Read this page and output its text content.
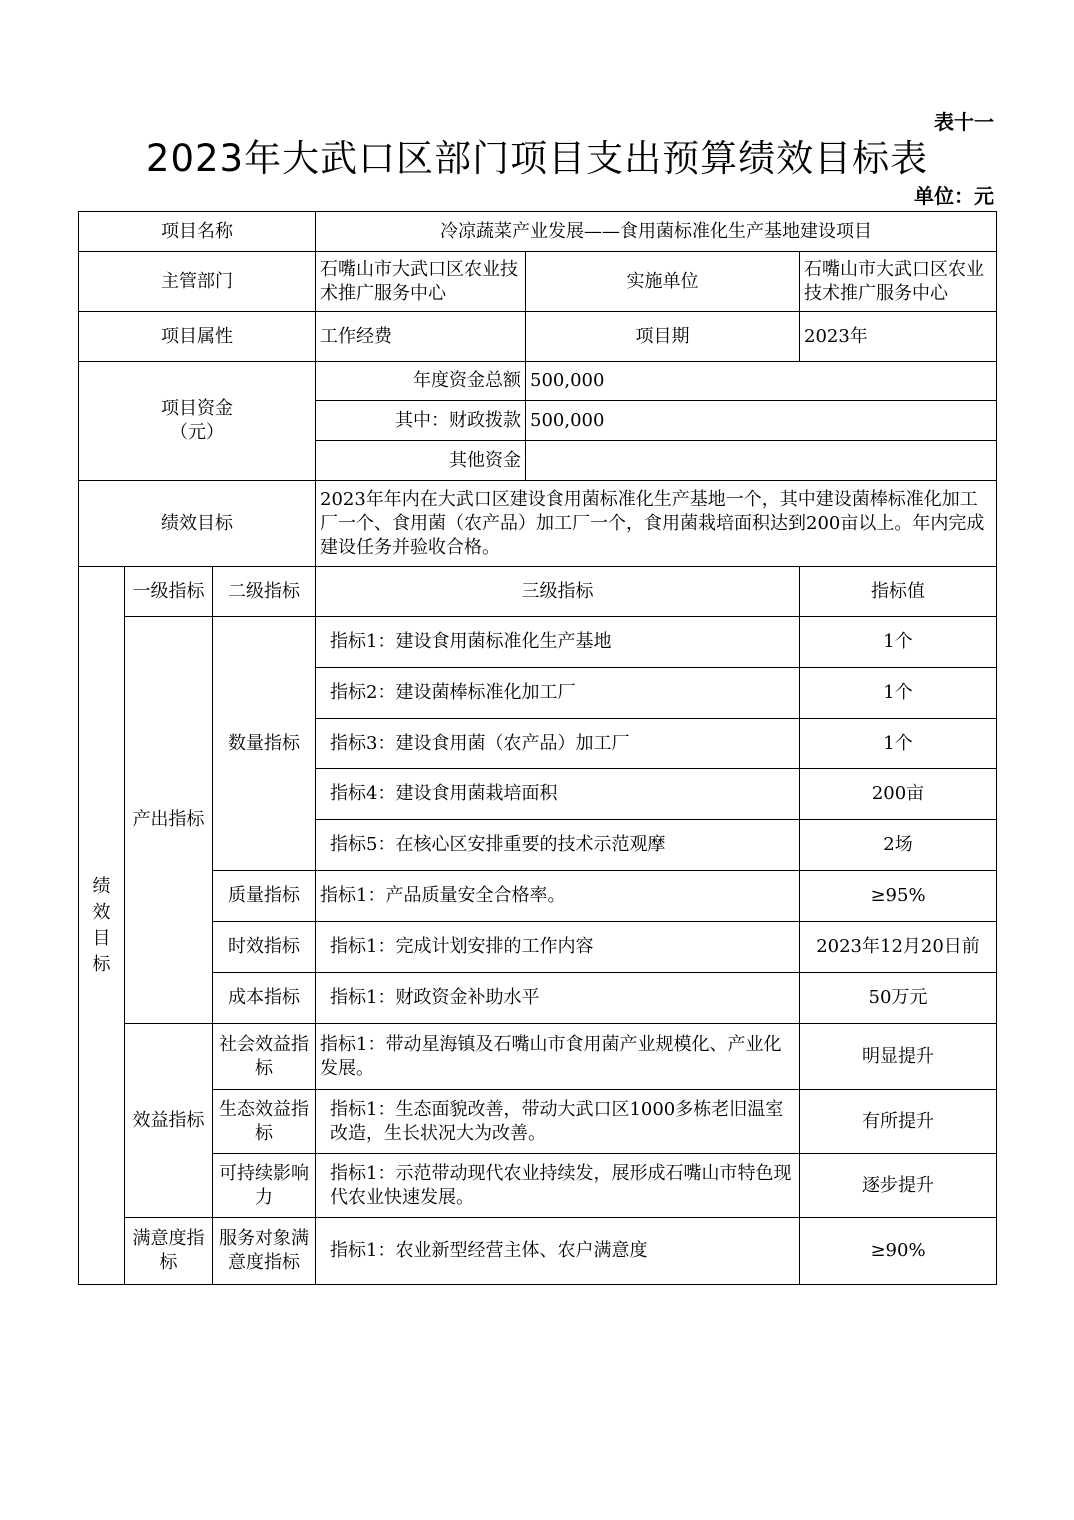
表十一
2023年大武口区部门项目支出预算绩效目标表
单位：元
项目名称			冷凉蔬菜产业发展——食用菌标准化生产基地建设项目		
主管部门			石嘴山市大武口区农业技术推广服务中心	实施单位	石嘴山市大武口区农业技术推广服务中心
项目属性			工作经费	项目期	2023年

项目资金
（元）			年度资金总额	500,000	
			其中：财政拨款	500,000	
			其他资金		
绩效目标			2023年年内在大武口区建设食用菌标准化生产基地一个，其中建设菌棒标准化加工厂一个、食用菌（农产品）加工厂一个，食用菌栽培面积达到200亩以上。年内完成建设任务并验收合格。		

绩
效
目
标	一级指标	二级指标	三级指标		指标值
	产出指标	数量指标	指标1：建设食用菌标准化生产基地		1个
			指标2：建设菌棒标准化加工厂		1个
			指标3：建设食用菌（农产品）加工厂		1个
			指标4：建设食用菌栽培面积		200亩
			指标5：在核心区安排重要的技术示范观摩		2场
		质量指标	指标1：产品质量安全合格率。		≥95%
		时效指标	指标1：完成计划安排的工作内容		2023年12月20日前
		成本指标	指标1：财政资金补助水平		50万元
	效益指标	社会效益指标	指标1：带动星海镇及石嘴山市食用菌产业规模化、产业化发展。		明显提升
		生态效益指标	指标1：生态面貌改善，带动大武口区1000多栋老旧温室改造，生长状况大为改善。		有所提升
		可持续影响力	指标1：示范带动现代农业持续发，展形成石嘴山市特色现代农业快速发展。		逐步提升
	满意度指标	服务对象满意度指标	指标1：农业新型经营主体、农户满意度		≥90%
